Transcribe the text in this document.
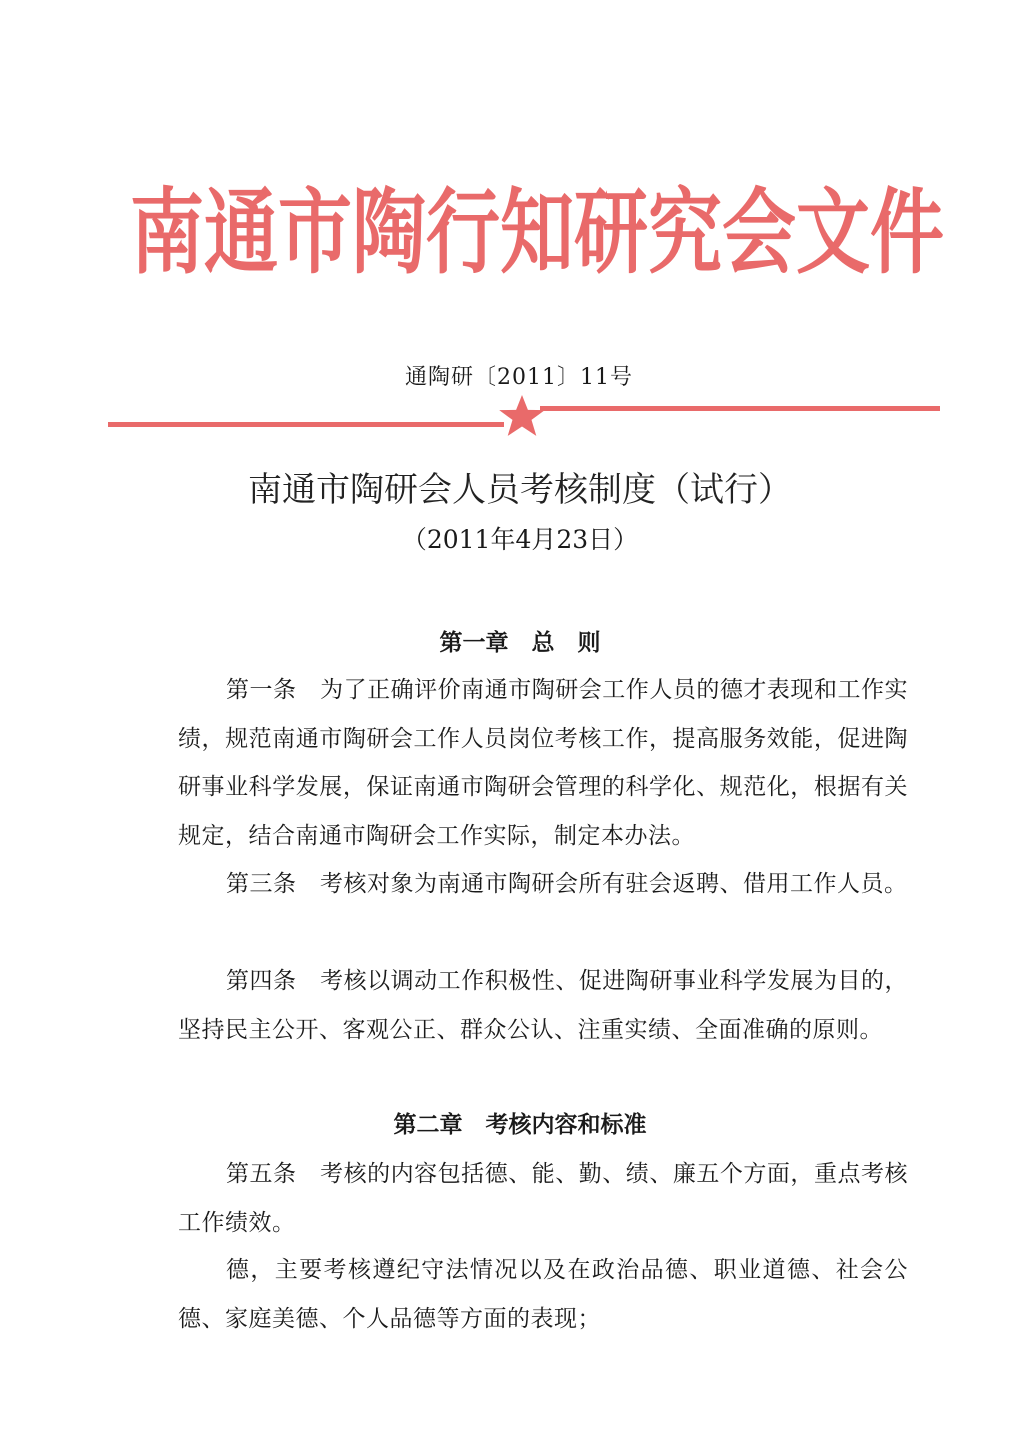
南 通 市 陶 行 知 研 究 会 文 件
通陶研〔2011〕11号
南通市陶研会人员考核制度（试行）
（2011年4月23日）
第一章　总　则

第一条　为了正确评价南通市陶研会工作人员的德才表现和工作实绩，规范南通市陶研会工作人员岗位考核工作，提高服务效能，促进陶研事业科学发展，保证南通市陶研会管理的科学化、规范化，根据有关规定，结合南通市陶研会工作实际，制定本办法。

第三条　考核对象为南通市陶研会所有驻会返聘、借用工作人员。

第四条　考核以调动工作积极性、促进陶研事业科学发展为目的，坚持民主公开、客观公正、群众公认、注重实绩、全面准确的原则。

第二章　考核内容和标准

第五条　考核的内容包括德、能、勤、绩、廉五个方面，重点考核工作绩效。

德，主要考核遵纪守法情况以及在政治品德、职业道德、社会公德、家庭美德、个人品德等方面的表现；
